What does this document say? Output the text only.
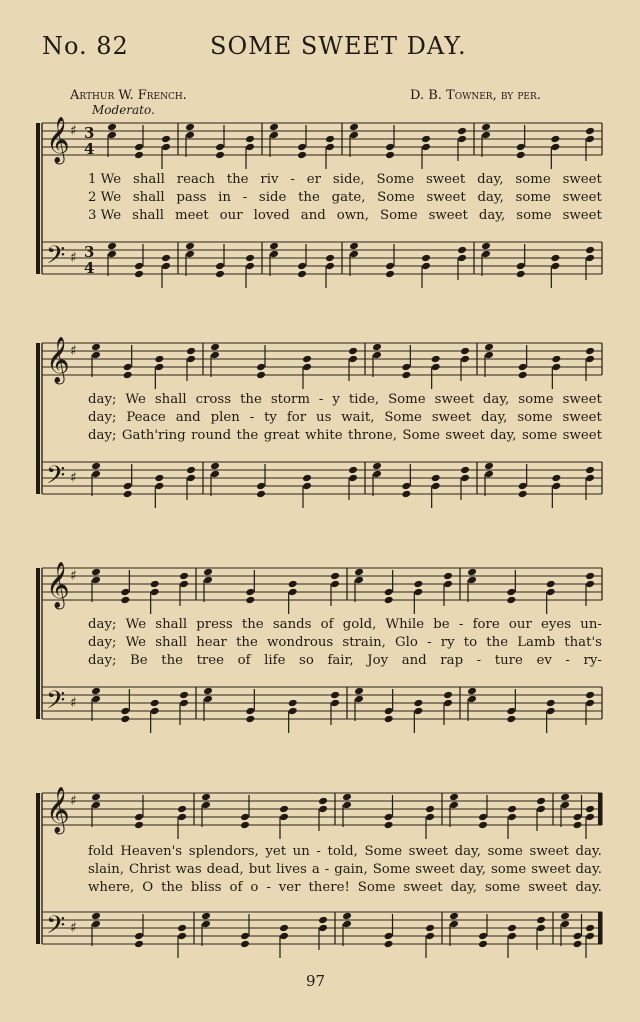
No. 82	SOME SWEET DAY.
Arthur W. French.	D. B. Towner, by per.
Moderato.
𝄞
𝄢
♯
♯
3
4
3
4
𝄞
𝄢
♯
♯
𝄞
𝄢
♯
♯
𝄞
𝄢
♯
♯
1 We shall reach the riv - er side, Some sweet day, some sweet
2 We shall pass in - side the gate, Some sweet day, some sweet
3 We shall meet our loved and own, Some sweet day, some sweet
day; We shall cross the storm - y tide, Some sweet day, some sweet
day; Peace and plen - ty for us wait, Some sweet day, some sweet
day; Gath'ring round the great white throne, Some sweet day, some sweet
day; We shall press the sands of gold, While be - fore our eyes un-
day; We shall hear the wondrous strain, Glo - ry to the Lamb that's
day; Be the tree of life so fair, Joy and rap - ture ev - ry-
fold Heaven's splendors, yet un - told, Some sweet day, some sweet day.
slain, Christ was dead, but lives a - gain, Some sweet day, some sweet day.
where, O the bliss of o - ver there! Some sweet day, some sweet day.
97
